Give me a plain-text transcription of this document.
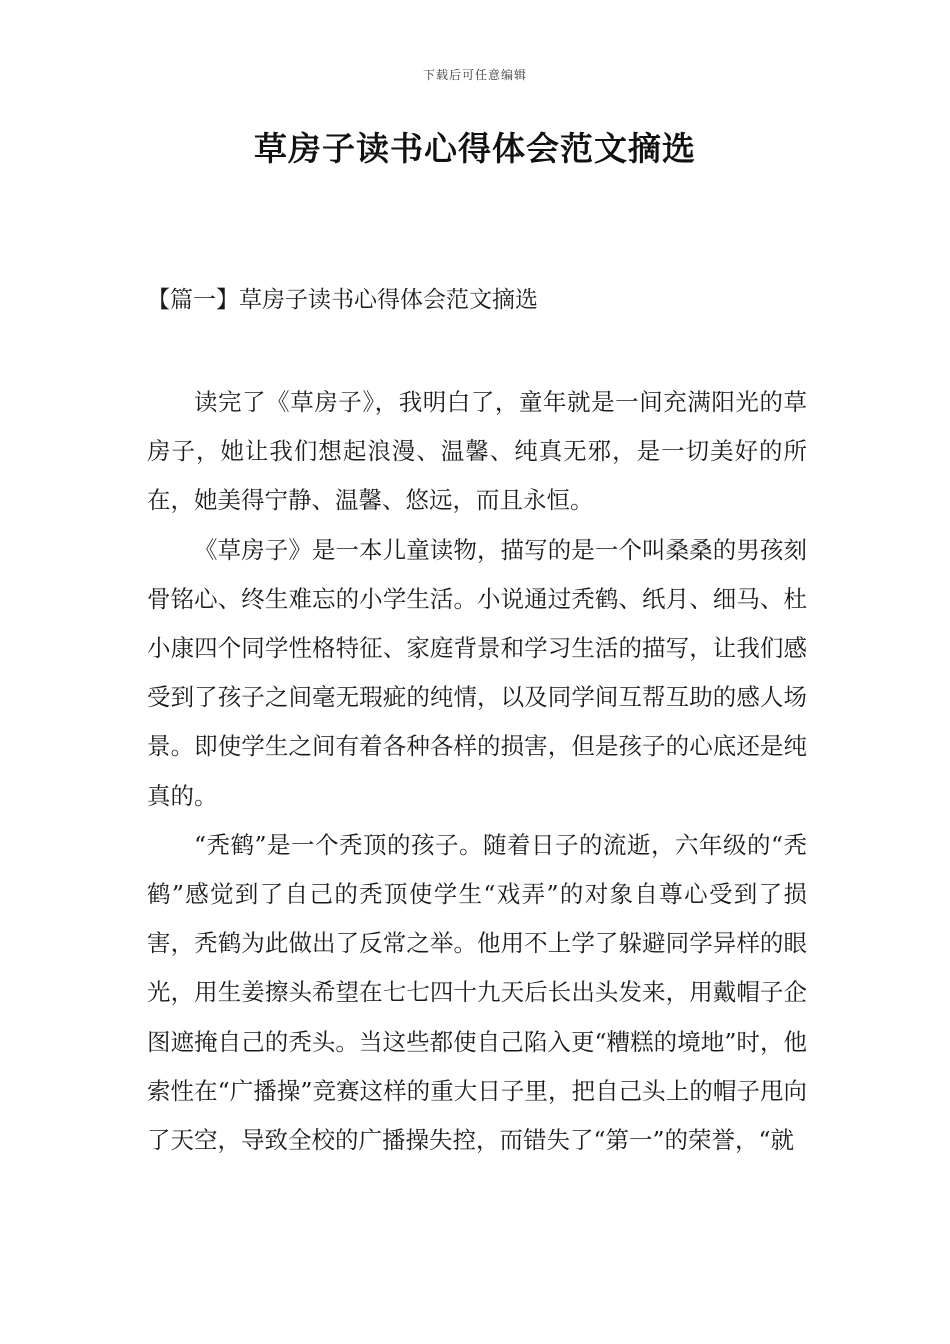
下载后可任意编辑
草房子读书心得体会范文摘选
【篇一】草房子读书心得体会范文摘选

读完了《草房子》，我明白了，童年就是一间充满阳光的草房子，她让我们想起浪漫、温馨、纯真无邪，是一切美好的所在，她美得宁静、温馨、悠远，而且永恒。

《草房子》是一本儿童读物，描写的是一个叫桑桑的男孩刻骨铭心、终生难忘的小学生活。小说通过秃鹤、纸月、细马、杜小康四个同学性格特征、家庭背景和学习生活的描写，让我们感受到了孩子之间毫无瑕疵的纯情，以及同学间互帮互助的感人场景。即使学生之间有着各种各样的损害，但是孩子的心底还是纯真的。

“秃鹤”是一个秃顶的孩子。随着日子的流逝，六年级的“秃鹤”感觉到了自己的秃顶使学生“戏弄”的对象自尊心受到了损害，秃鹤为此做出了反常之举。他用不上学了躲避同学异样的眼光，用生姜擦头希望在七七四十九天后长出头发来，用戴帽子企图遮掩自己的秃头。当这些都使自己陷入更“糟糕的境地”时，他索性在“广播操”竞赛这样的重大日子里，把自己头上的帽子甩向了天空，导致全校的广播操失控，而错失了“第一”的荣誉，“就
